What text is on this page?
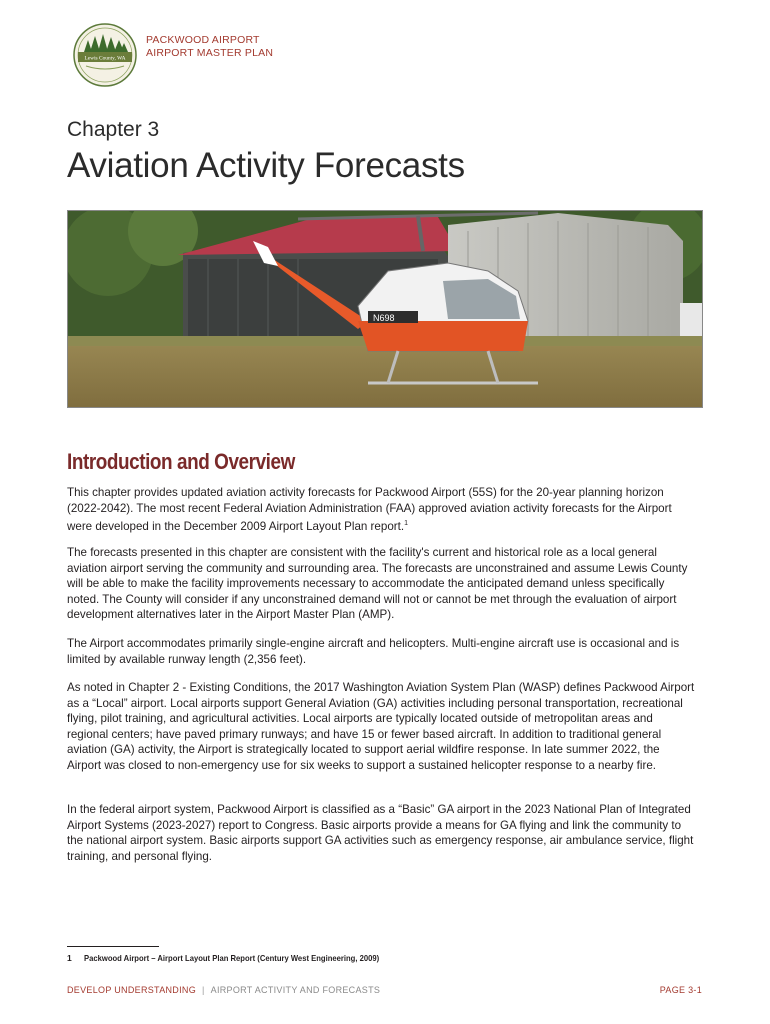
Lewis County, WA
PACKWOOD AIRPORT
AIRPORT MASTER PLAN
Chapter 3
Aviation Activity Forecasts
N698
Introduction and Overview

This chapter provides updated aviation activity forecasts for Packwood Airport (55S) for the 20-year planning horizon (2022-2042). The most recent Federal Aviation Administration (FAA) approved aviation activity forecasts for the Airport were developed in the December 2009 Airport Layout Plan report.$^1$

The forecasts presented in this chapter are consistent with the facility's current and historical role as a local general aviation airport serving the community and surrounding area. The forecasts are unconstrained and assume Lewis County will be able to make the facility improvements necessary to accommodate the anticipated demand unless specifically noted. The County will consider if any unconstrained demand will not or cannot be met through the evaluation of airport development alternatives later in the Airport Master Plan (AMP).

The Airport accommodates primarily single-engine aircraft and helicopters. Multi-engine aircraft use is occasional and is limited by available runway length (2,356 feet).

As noted in Chapter 2 - Existing Conditions, the 2017 Washington Aviation System Plan (WASP) defines Packwood Airport as a “Local” airport. Local airports support General Aviation (GA) activities including personal transportation, recreational flying, pilot training, and agricultural activities. Local airports are typically located outside of metropolitan areas and regional centers; have paved primary runways; and have 15 or fewer based aircraft. In addition to traditional general aviation (GA) activity, the Airport is strategically located to support aerial wildfire response. In late summer 2022, the Airport was closed to non-emergency use for six weeks to support a sustained helicopter response to a nearby fire.

In the federal airport system, Packwood Airport is classified as a “Basic” GA airport in the 2023 National Plan of Integrated Airport Systems (2023-2027) report to Congress. Basic airports provide a means for GA flying and link the community to the national airport system. Basic airports support GA activities such as emergency response, air ambulance service, flight training, and personal flying.

1 Packwood Airport – Airport Layout Plan Report (Century West Engineering, 2009)
DEVELOP UNDERSTANDING | AIRPORT ACTIVITY AND FORECASTS	PAGE 3-1
